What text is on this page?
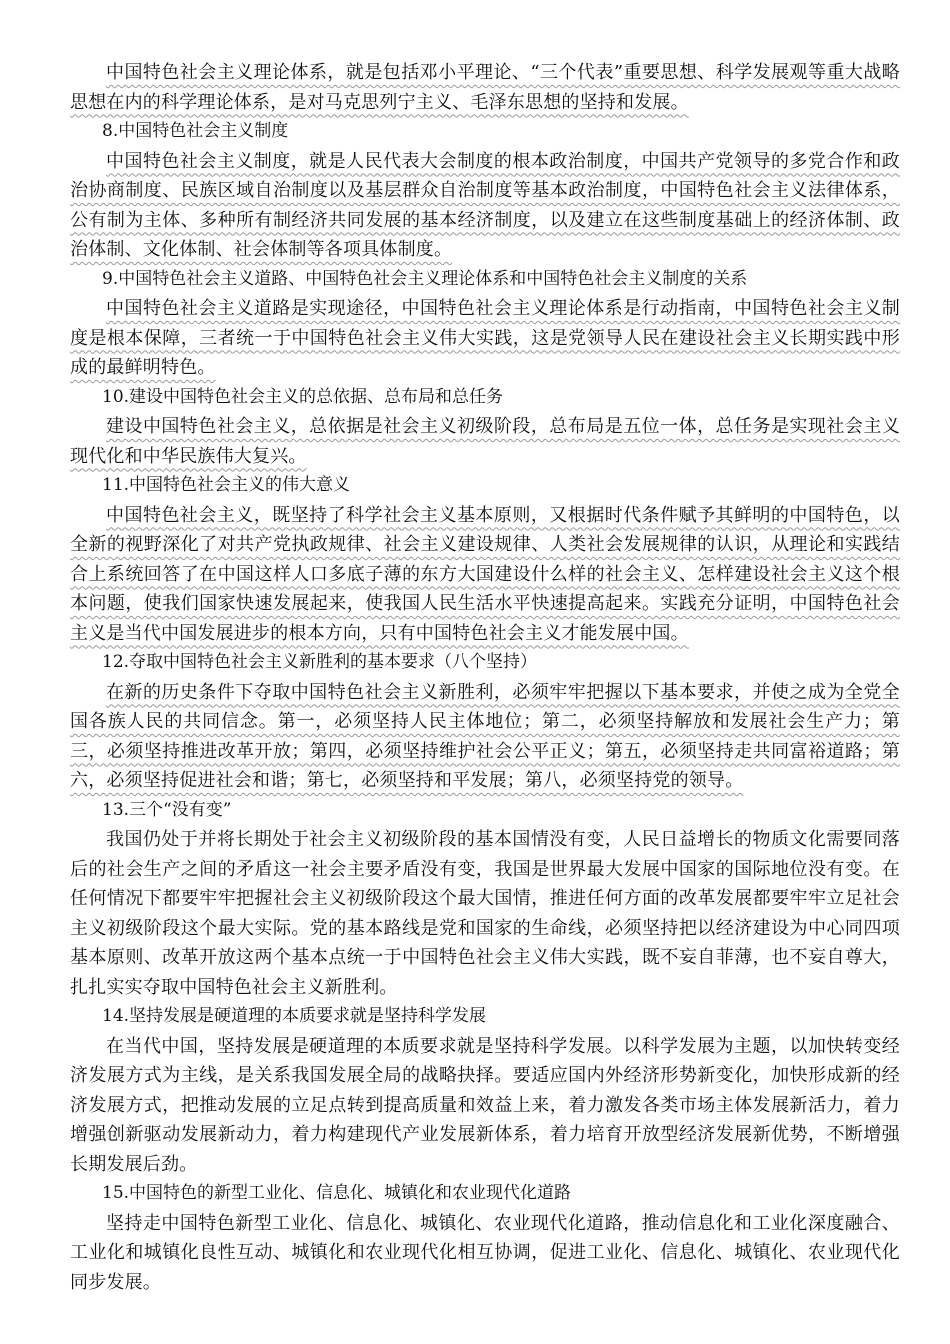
中国特色社会主义理论体系，就是包括邓小平理论、“三个代表”重要思想、科学发展观等重大战略思想在内的科学理论体系，是对马克思列宁主义、毛泽东思想的坚持和发展。

8.中国特色社会主义制度

中国特色社会主义制度，就是人民代表大会制度的根本政治制度，中国共产党领导的多党合作和政治协商制度、民族区域自治制度以及基层群众自治制度等基本政治制度，中国特色社会主义法律体系，公有制为主体、多种所有制经济共同发展的基本经济制度，以及建立在这些制度基础上的经济体制、政治体制、文化体制、社会体制等各项具体制度。

9.中国特色社会主义道路、中国特色社会主义理论体系和中国特色社会主义制度的关系

中国特色社会主义道路是实现途径，中国特色社会主义理论体系是行动指南，中国特色社会主义制度是根本保障，三者统一于中国特色社会主义伟大实践，这是党领导人民在建设社会主义长期实践中形成的最鲜明特色。

10.建设中国特色社会主义的总依据、总布局和总任务

建设中国特色社会主义，总依据是社会主义初级阶段，总布局是五位一体，总任务是实现社会主义现代化和中华民族伟大复兴。

11.中国特色社会主义的伟大意义

中国特色社会主义，既坚持了科学社会主义基本原则，又根据时代条件赋予其鲜明的中国特色，以全新的视野深化了对共产党执政规律、社会主义建设规律、人类社会发展规律的认识，从理论和实践结合上系统回答了在中国这样人口多底子薄的东方大国建设什么样的社会主义、怎样建设社会主义这个根本问题，使我们国家快速发展起来，使我国人民生活水平快速提高起来。实践充分证明，中国特色社会主义是当代中国发展进步的根本方向，只有中国特色社会主义才能发展中国。

12.夺取中国特色社会主义新胜利的基本要求（八个坚持）

在新的历史条件下夺取中国特色社会主义新胜利，必须牢牢把握以下基本要求，并使之成为全党全国各族人民的共同信念。第一，必须坚持人民主体地位；第二，必须坚持解放和发展社会生产力；第三，必须坚持推进改革开放；第四，必须坚持维护社会公平正义；第五，必须坚持走共同富裕道路；第六，必须坚持促进社会和谐；第七，必须坚持和平发展；第八，必须坚持党的领导。

13.三个“没有变”

我国仍处于并将长期处于社会主义初级阶段的基本国情没有变，人民日益增长的物质文化需要同落后的社会生产之间的矛盾这一社会主要矛盾没有变，我国是世界最大发展中国家的国际地位没有变。在任何情况下都要牢牢把握社会主义初级阶段这个最大国情，推进任何方面的改革发展都要牢牢立足社会主义初级阶段这个最大实际。党的基本路线是党和国家的生命线，必须坚持把以经济建设为中心同四项基本原则、改革开放这两个基本点统一于中国特色社会主义伟大实践，既不妄自菲薄，也不妄自尊大，扎扎实实夺取中国特色社会主义新胜利。

14.坚持发展是硬道理的本质要求就是坚持科学发展

在当代中国，坚持发展是硬道理的本质要求就是坚持科学发展。以科学发展为主题，以加快转变经济发展方式为主线，是关系我国发展全局的战略抉择。要适应国内外经济形势新变化，加快形成新的经济发展方式，把推动发展的立足点转到提高质量和效益上来，着力激发各类市场主体发展新活力，着力增强创新驱动发展新动力，着力构建现代产业发展新体系，着力培育开放型经济发展新优势，不断增强长期发展后劲。

15.中国特色的新型工业化、信息化、城镇化和农业现代化道路

坚持走中国特色新型工业化、信息化、城镇化、农业现代化道路，推动信息化和工业化深度融合、工业化和城镇化良性互动、城镇化和农业现代化相互协调，促进工业化、信息化、城镇化、农业现代化同步发展。
